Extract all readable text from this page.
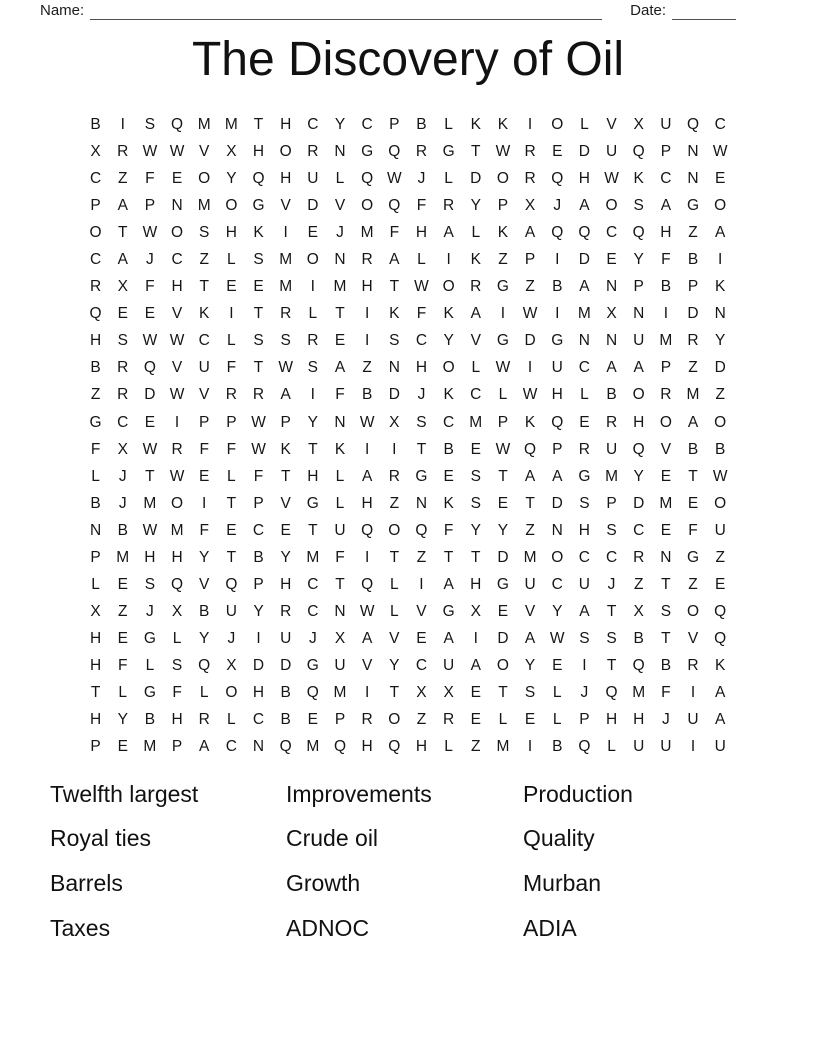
Name:	Date:
The Discovery of Oil
B	I	S	Q M M	T	H	C	Y	C	P	B	L	K	K	I	O	L	V	X	U	Q	C
X	R W W V	X	H	O	R	N	G Q	R	G	T W R	E	D	U	Q	P	N W
C	Z	F	E	O	Y	Q	H	U	L	Q W	J	L	D	O	R	Q	H W K	C	N	E
P	A	P	N M O G	V	D	V	O Q	F	R	Y	P	X	J	A	O	S	A	G O
O	T W O	S	H	K	I	E	J	M	F	H	A	L	K	A	Q Q	C	Q	H	Z	A
C	A	J	C	Z	L	S	M O	N	R	A	L	I	K	Z	P	I	D	E	Y	F	B	I
R	X	F	H	T	E	E	M	I	M H	T W O	R	G	Z	B	A	N	P	B	P	K
Q	E	E	V	K	I	T	R	L	T	I	K	F	K	A	I	W	I	M	X	N	I	D	N
H	S W W C	L	S	S	R	E	I	S	C	Y	V	G	D	G	N	N	U M R	Y
B	R	Q	V	U	F	T W S	A	Z	N	H	O	L	W	I	U	C	A	A	P	Z	D
Z	R	D W V	R	R	A	I	F	B	D	J	K	C	L	W H	L	B	O	R M	Z
G	C	E	I	P	P W P	Y	N W X	S	C M	P	K	Q	E	R	H	O	A	O
F	X W R	F	F W K	T	K	I	I	T	B	E W Q	P	R	U	Q	V	B	B
L	J	T W E	L	F	T	H	L	A	R	G	E	S	T	A	A	G M	Y	E	T W
B	J	M O	I	T	P	V	G	L	H	Z	N	K	S	E	T	D	S	P	D M	E	O
N	B W M	F	E	C	E	T	U	Q O Q	F	Y	Y	Z	N	H	S	C	E	F	U
P	M H	H	Y	T	B	Y	M	F	I	T	Z	T	T	D M O	C	C	R	N	G	Z
L	E	S	Q	V	Q	P	H	C	T	Q	L	I	A	H	G	U	C	U	J	Z	T	Z	E
X	Z	J	X	B	U	Y	R	C	N W	L	V	G	X	E	V	Y	A	T	X	S	O Q
H	E	G	L	Y	J	I	U	J	X	A	V	E	A	I	D	A W S	S	B	T	V	Q
H	F	L	S	Q	X	D	D	G	U	V	Y	C	U	A	O	Y	E	I	T	Q	B	R	K
T	L	G	F	L	O	H	B	Q M	I	T	X	X	E	T	S	L	J	Q M	F	I	A
H	Y	B	H	R	L	C	B	E	P	R	O	Z	R	E	L	E	L	P	H	H	J	U	A
P	E	M	P	A	C	N	Q M Q	H	Q	H	L	Z	M	I	B	Q	L	U	U	I	U
Twelfth largest	Improvements	Production
Royal ties	Crude oil	Quality
Barrels	Growth	Murban
Taxes	ADNOC	ADIA
